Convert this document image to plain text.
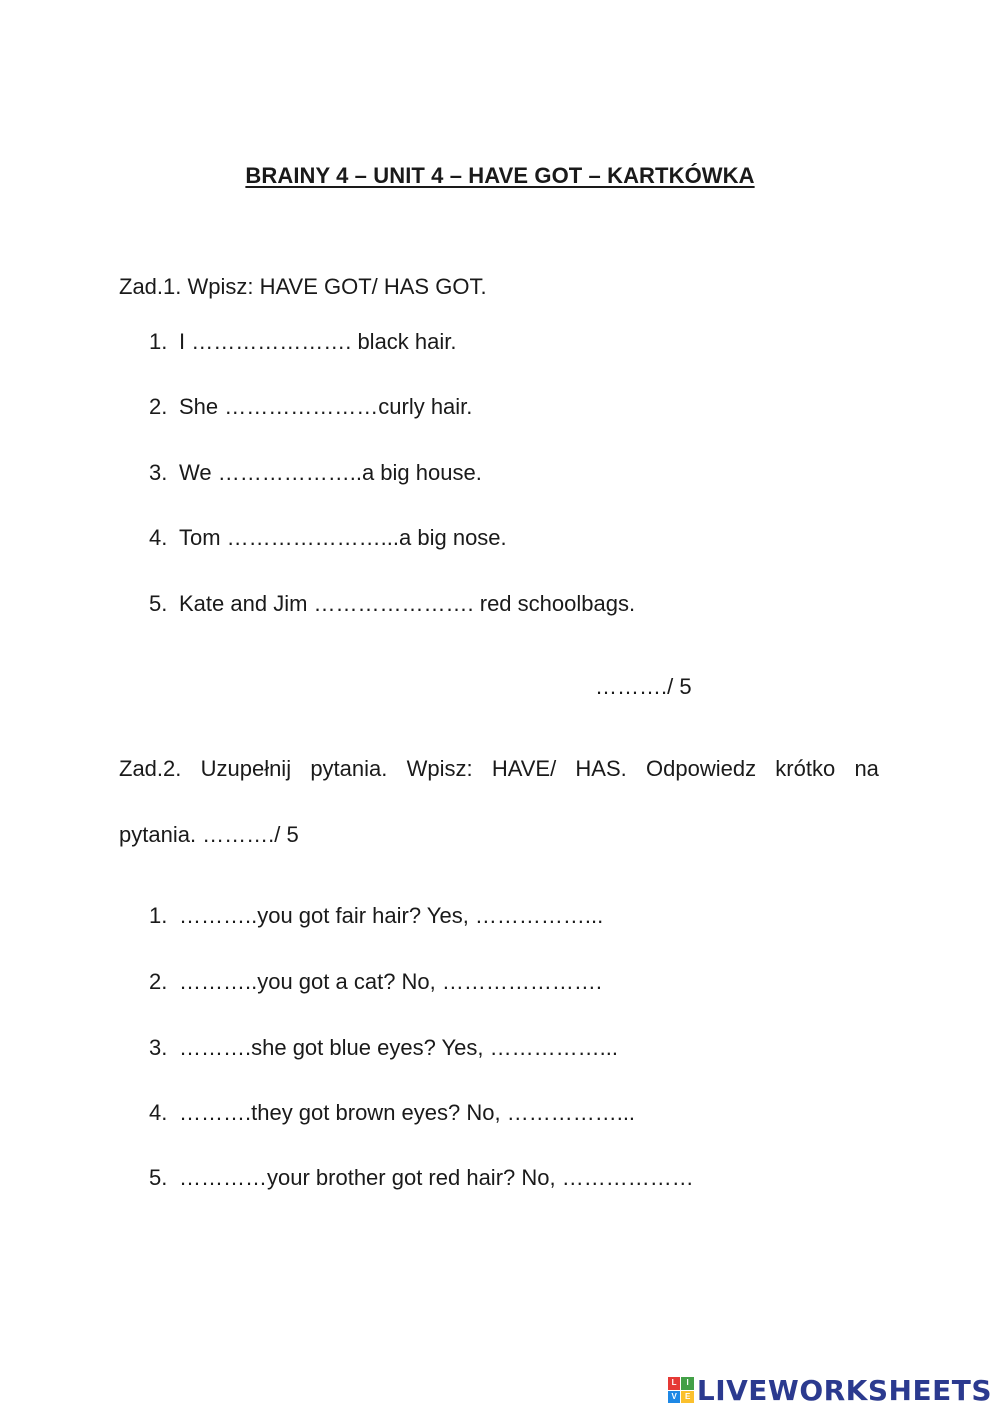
BRAINY 4 – UNIT 4 – HAVE GOT – KARTKÓWKA
Zad.1. Wpisz: HAVE GOT/ HAS GOT.
1. I …………………. black hair.
2. She …………………curly hair.
3. We ………………..a big house.
4. Tom …………………...a big nose.
5. Kate and Jim …………………. red schoolbags.
………./ 5
Zad.2. Uzupełnij pytania. Wpisz: HAVE/ HAS. Odpowiedz krótko na
pytania. ………./ 5
1. ………..you got fair hair? Yes, ……………...
2. ………..you got a cat? No, ………………….
3. ……….she got blue eyes? Yes, ……………...
4. ……….they got brown eyes? No, ……………...
5. …………your brother got red hair? No, ………………
L	I
V	E LIVEWORKSHEETS
